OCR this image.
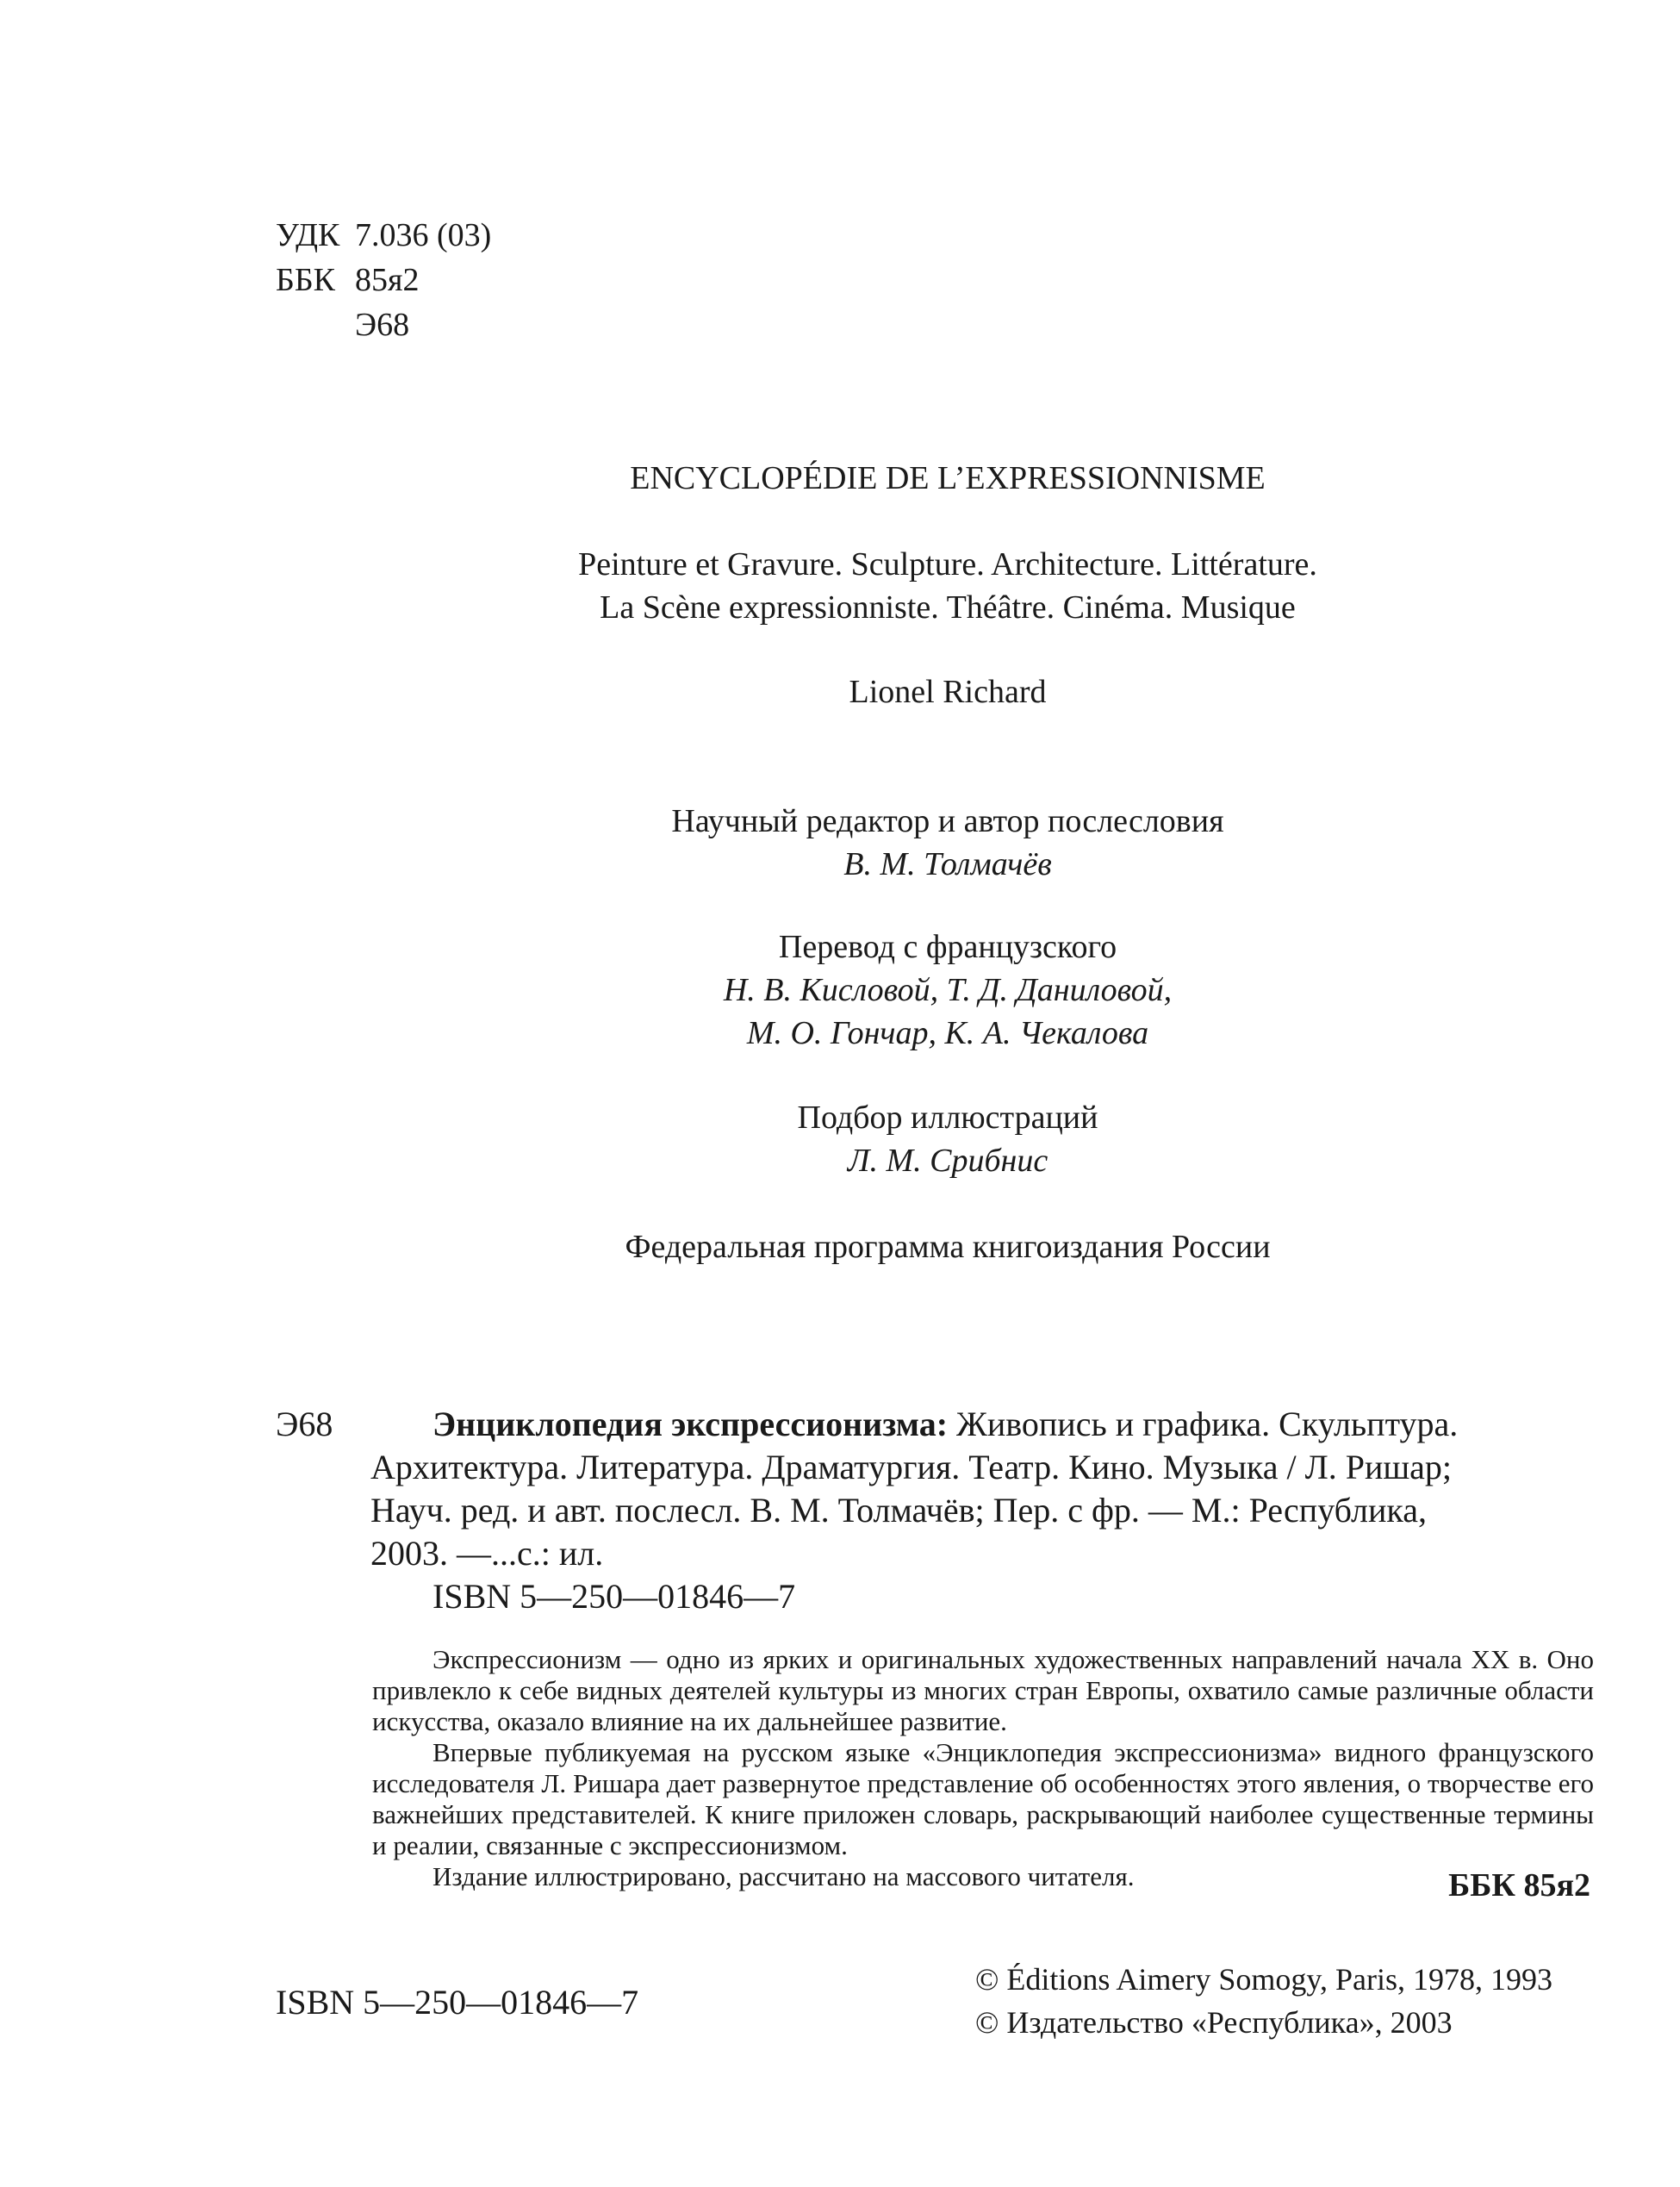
УДК 7.036 (03)
ББК 85я2
Э68
ENCYCLOPÉDIE DE L’EXPRESSIONNISME
Peinture et Gravure. Sculpture. Architecture. Littérature.
La Scène expressionniste. Théâtre. Cinéma. Musique
Lionel Richard
Научный редактор и автор послесловия
В. М. Толмачёв
Перевод с французского
Н. В. Кисловой, Т. Д. Даниловой,
М. О. Гончар, К. А. Чекалова
Подбор иллюстраций
Л. М. Срибнис
Федеральная программа книгоиздания России
Э68	Энциклопедия экспрессионизма: Живопись и графика. Скульптура.
Архитектура. Литература. Драматургия. Театр. Кино. Музыка / Л. Ришар;
Науч. ред. и авт. послесл. В. М. Толмачёв; Пер. с фр. — М.: Республика,
2003. —...с.: ил.
ISBN 5—250—01846—7

Экспрессионизм — одно из ярких и оригинальных художественных направлений начала XX в. Оно привлекло к себе видных деятелей культуры из многих стран Европы, охватило самые различные области искусства, оказало влияние на их дальнейшее развитие.

Впервые публикуемая на русском языке «Энциклопедия экспрессионизма» видного французского исследователя Л. Ришара дает развернутое представление об особенностях этого явления, о творчестве его важнейших представителей. К книге приложен словарь, раскрывающий наиболее существенные термины и реалии, связанные с экспрессионизмом.

Издание иллюстрировано, рассчитано на массового читателя.	ББК 85я2
© Éditions Aimery Somogy, Paris, 1978, 1993
© Издательство «Республика», 2003
ISBN 5—250—01846—7
